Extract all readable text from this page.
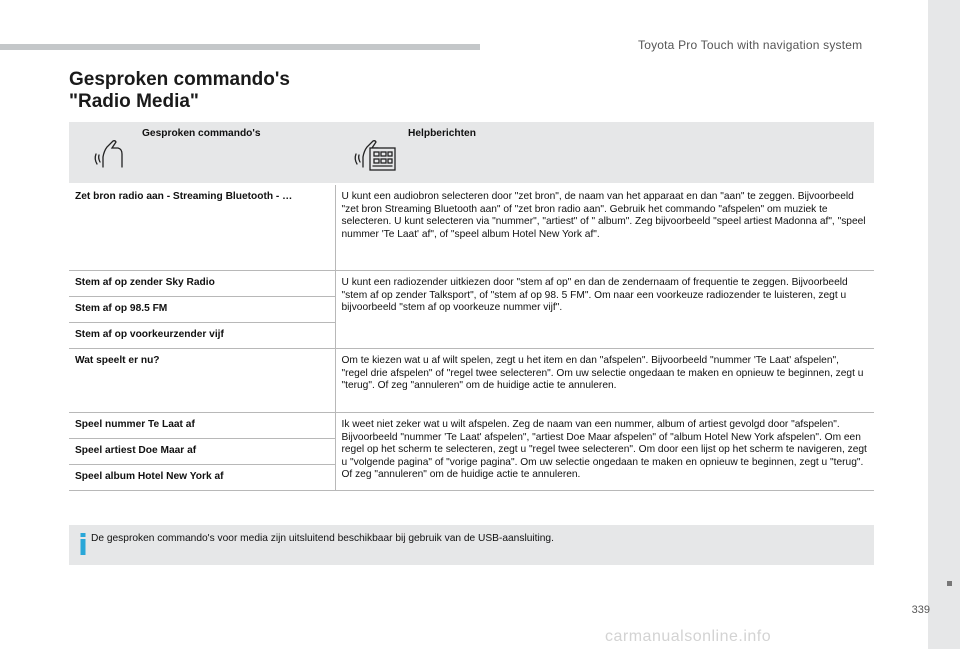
Toyota Pro Touch with navigation system
339
carmanualsonline.info
Gesproken commando's
"Radio Media"
Gesproken commando's	Helpberichten

Zet bron radio aan - Streaming Bluetooth - …	U kunt een audiobron selecteren door "zet bron", de naam van het apparaat en dan "aan" te zeggen. Bijvoorbeeld "zet bron Streaming Bluetooth aan" of "zet bron radio aan". Gebruik het commando "afspelen" om muziek te selecteren. U kunt selecteren via "nummer", "artiest" of " album". Zeg bijvoorbeeld "speel artiest Madonna af", "speel nummer 'Te Laat' af", of "speel album Hotel New York af".
Stem af op zender Sky Radio	U kunt een radiozender uitkiezen door "stem af op" en dan de zendernaam of frequentie te zeggen. Bijvoorbeeld "stem af op zender Talksport", of "stem af op 98. 5 FM". Om naar een voorkeuze radiozender te luisteren, zegt u bijvoorbeeld "stem af op voorkeuze nummer vijf".
Stem af op 98.5 FM	
Stem af op voorkeurzender vijf	
Wat speelt er nu?	Om te kiezen wat u af wilt spelen, zegt u het item en dan "afspelen". Bijvoorbeeld "nummer 'Te Laat' afspelen", "regel drie afspelen" of "regel twee selecteren". Om uw selectie ongedaan te maken en opnieuw te beginnen, zegt u "terug". Of zeg "annuleren" om de huidige actie te annuleren.
Speel nummer Te Laat af	Ik weet niet zeker wat u wilt afspelen. Zeg de naam van een nummer, album of artiest gevolgd door "afspelen". Bijvoorbeeld "nummer 'Te Laat' afspelen", "artiest Doe Maar afspelen" of "album Hotel New York afspelen". Om een regel op het scherm te selecteren, zegt u "regel twee selecteren". Om door een lijst op het scherm te navigeren, zegt u "volgende pagina" of "vorige pagina". Om uw selectie ongedaan te maken en opnieuw te beginnen, zegt u "terug". Of zeg "annuleren" om de huidige actie te annuleren.
Speel artiest Doe Maar af	
Speel album Hotel New York af	
De gesproken commando's voor media zijn uitsluitend beschikbaar bij gebruik van de USB-aansluiting.
